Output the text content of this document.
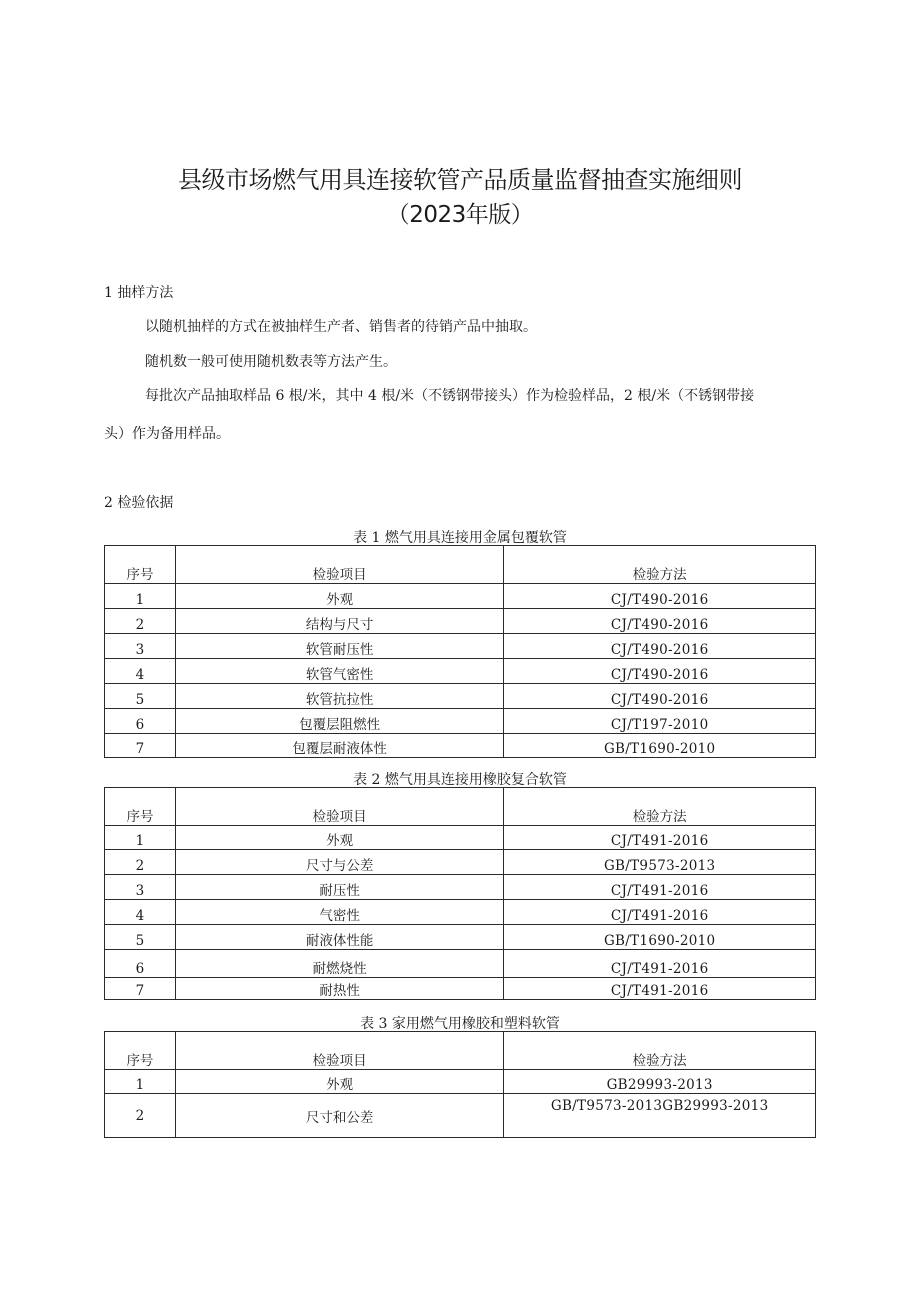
县级市场燃气用具连接软管产品质量监督抽查实施细则
（2023年版）
1 抽样方法
以随机抽样的方式在被抽样生产者、销售者的待销产品中抽取。
随机数一般可使用随机数表等方法产生。
每批次产品抽取样品 6 根/米，其中 4 根/米（不锈钢带接头）作为检验样品，2 根/米（不锈钢带接
头）作为备用样品。
2 检验依据
表 1 燃气用具连接用金属包覆软管
序号	检验项目	检验方法
1	外观	CJ/T490-2016
2	结构与尺寸	CJ/T490-2016
3	软管耐压性	CJ/T490-2016
4	软管气密性	CJ/T490-2016
5	软管抗拉性	CJ/T490-2016
6	包覆层阻燃性	CJ/T197-2010
7	包覆层耐液体性	GB/T1690-2010
表 2 燃气用具连接用橡胶复合软管
序号	检验项目	检验方法
1	外观	CJ/T491-2016
2	尺寸与公差	GB/T9573-2013
3	耐压性	CJ/T491-2016
4	气密性	CJ/T491-2016
5	耐液体性能	GB/T1690-2010
6	耐燃烧性	CJ/T491-2016
7	耐热性	CJ/T491-2016
表 3 家用燃气用橡胶和塑料软管
序号	检验项目	检验方法
1	外观	GB29993-2013
2	尺寸和公差	GB/T9573-2013GB29993-2013
